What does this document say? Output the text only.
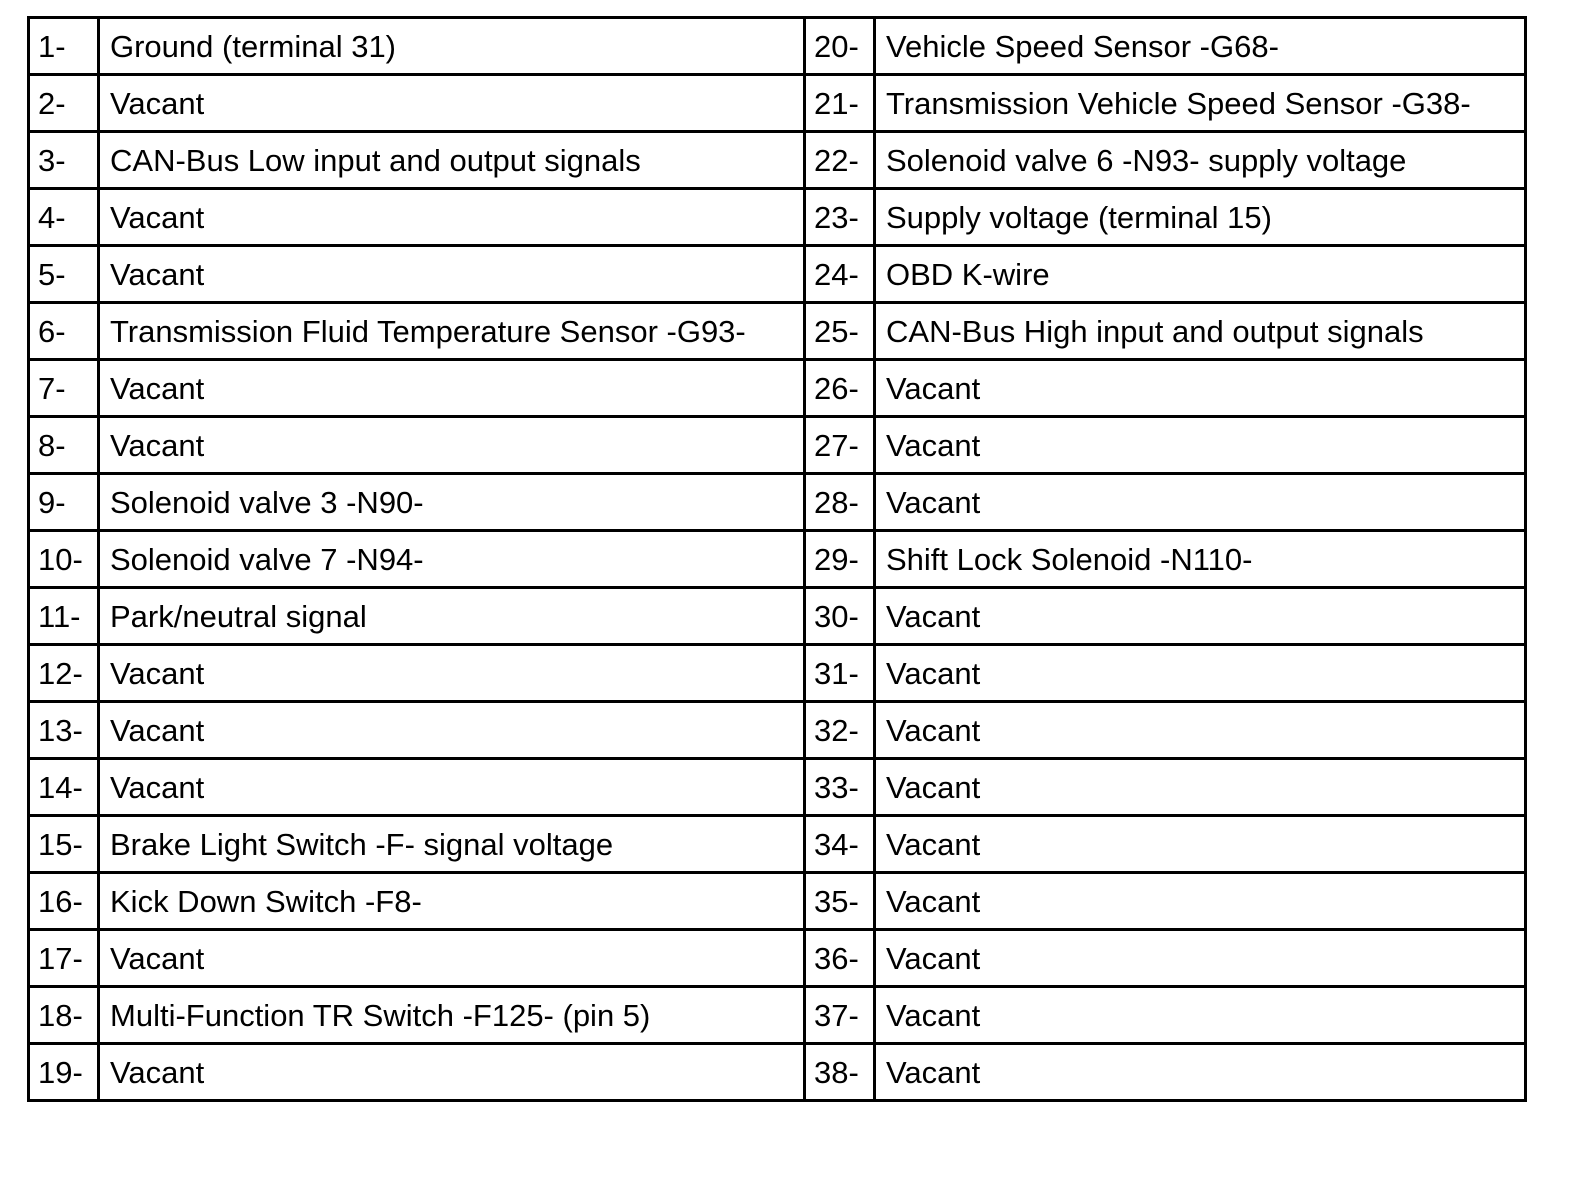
1-	Ground (terminal 31)	20-	Vehicle Speed Sensor -G68-
2-	Vacant	21-	Transmission Vehicle Speed Sensor -G38-
3-	CAN-Bus Low input and output signals	22-	Solenoid valve 6 -N93- supply voltage
4-	Vacant	23-	Supply voltage (terminal 15)
5-	Vacant	24-	OBD K-wire
6-	Transmission Fluid Temperature Sensor -G93-	25-	CAN-Bus High input and output signals
7-	Vacant	26-	Vacant
8-	Vacant	27-	Vacant
9-	Solenoid valve 3 -N90-	28-	Vacant
10-	Solenoid valve 7 -N94-	29-	Shift Lock Solenoid -N110-
11-	Park/neutral signal	30-	Vacant
12-	Vacant	31-	Vacant
13-	Vacant	32-	Vacant
14-	Vacant	33-	Vacant
15-	Brake Light Switch -F- signal voltage	34-	Vacant
16-	Kick Down Switch -F8-	35-	Vacant
17-	Vacant	36-	Vacant
18-	Multi-Function TR Switch -F125- (pin 5)	37-	Vacant
19-	Vacant	38-	Vacant
